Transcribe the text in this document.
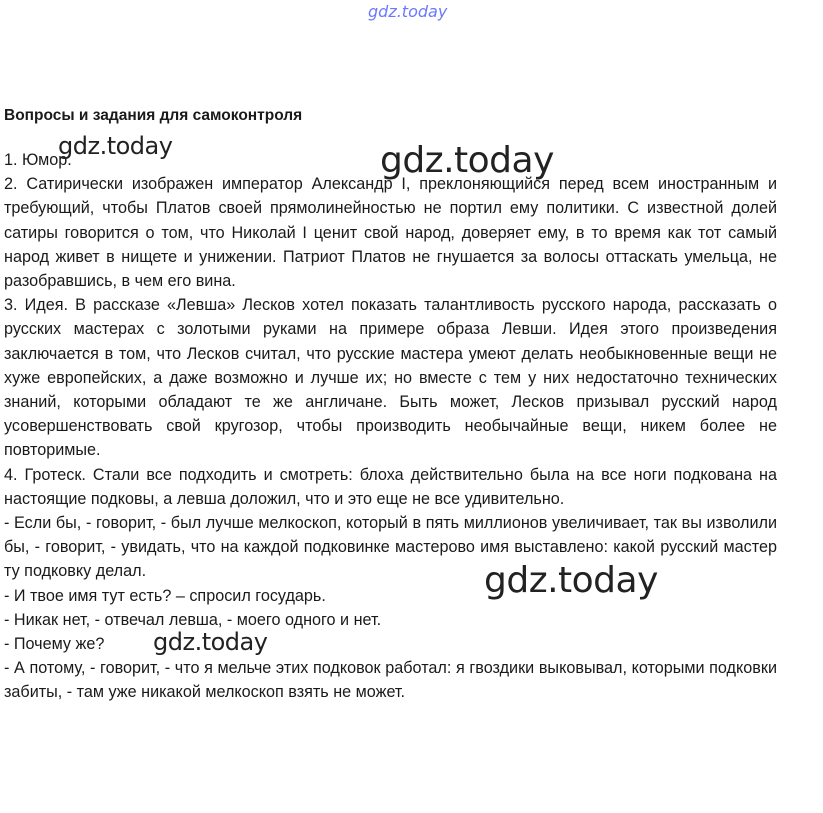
gdz.today
Вопросы и задания для самоконтроля

1. Юмор.

2. Сатирически изображен император Александр I, преклоняющийся перед всем иностранным и требующий, чтобы Платов своей прямолинейностью не портил ему политики. С известной долей сатиры говорится о том, что Николай I ценит свой народ, доверяет ему, в то время как тот самый народ живет в нищете и унижении. Патриот Платов не гнушается за волосы оттаскать умельца, не разобравшись, в чем его вина.

3. Идея. В рассказе «Левша» Лесков хотел показать талантливость русского народа, рассказать о русских мастерах с золотыми руками на примере образа Левши. Идея этого произведения заключается в том, что Лесков считал, что русские мастера умеют делать необыкновенные вещи не хуже европейских, а даже возможно и лучше их; но вместе с тем у них недостаточно технических знаний, которыми обладают те же англичане. Быть может, Лесков призывал русский народ усовершенствовать свой кругозор, чтобы производить необычайные вещи, никем более не повторимые.

4. Гротеск. Стали все подходить и смотреть: блоха действительно была на все ноги подкована на настоящие подковы, а левша доложил, что и это еще не все удивительно.

- Если бы, - говорит, - был лучше мелкоскоп, который в пять миллионов увеличивает, так вы изволили бы, - говорит, - увидать, что на каждой подковинке мастерово имя выставлено: какой русский мастер ту подковку делал.

- И твое имя тут есть? – спросил государь.

- Никак нет, - отвечал левша, - моего одного и нет.

- Почему же?

- А потому, - говорит, - что я мельче этих подковок работал: я гвоздики выковывал, которыми подковки забиты, - там уже никакой мелкоскоп взять не может.

gdz.today	gdz.today
gdz.today
gdz.today
